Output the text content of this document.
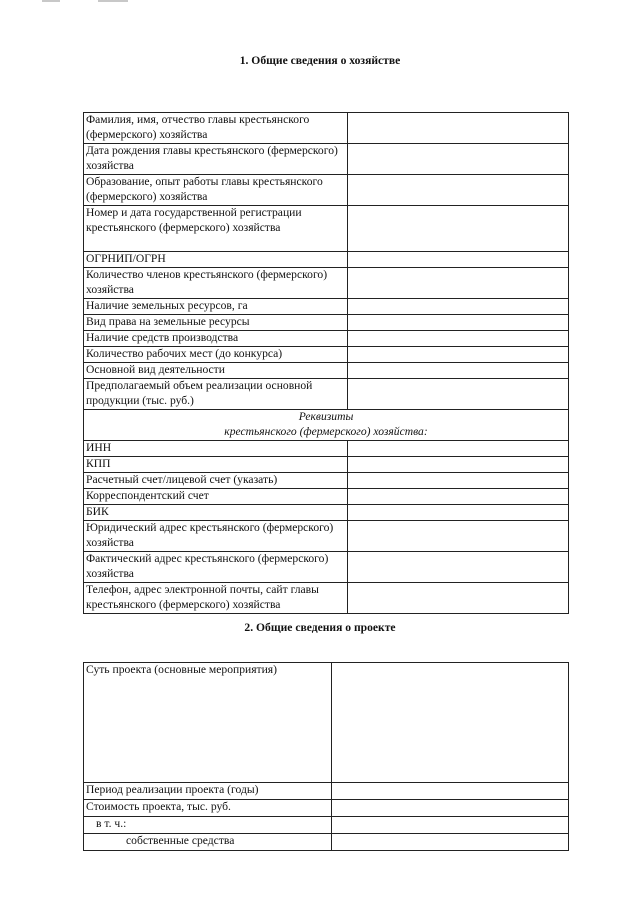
1. Общие сведения о хозяйстве
Фамилия, имя, отчество главы крестьянского (фермерского) хозяйства	
Дата рождения главы крестьянского (фермерского) хозяйства	
Образование, опыт работы главы крестьянского (фермерского) хозяйства	
Номер и дата государственной регистрации крестьянского (фермерского) хозяйства	
ОГРНИП/ОГРН	
Количество членов крестьянского (фермерского) хозяйства	
Наличие земельных ресурсов, га	
Вид права на земельные ресурсы	
Наличие средств производства	
Количество рабочих мест (до конкурса)	
Основной вид деятельности	
Предполагаемый объем реализации основной продукции (тыс. руб.)	

Реквизиты
крестьянского (фермерского) хозяйства:	

ИНН	
КПП	
Расчетный счет/лицевой счет (указать)	
Корреспондентский счет	
БИК	
Юридический адрес крестьянского (фермерского) хозяйства	
Фактический адрес крестьянского (фермерского) хозяйства	
Телефон, адрес электронной почты, сайт главы крестьянского (фермерского) хозяйства	
2. Общие сведения о проекте
Суть проекта (основные мероприятия)	
Период реализации проекта (годы)	
Стоимость проекта, тыс. руб.	
в т. ч.:	
собственные средства	
